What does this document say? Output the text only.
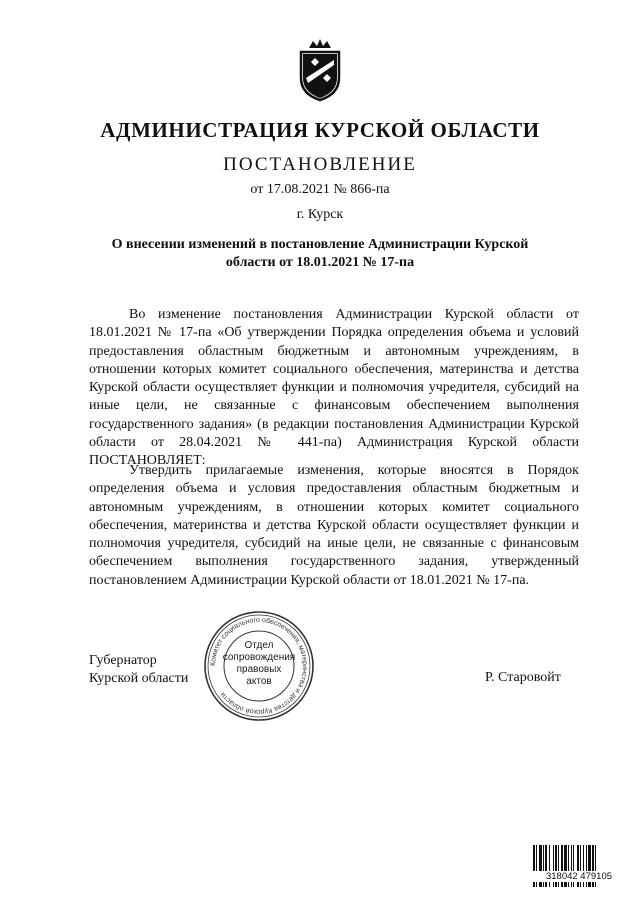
АДМИНИСТРАЦИЯ КУРСКОЙ ОБЛАСТИ
ПОСТАНОВЛЕНИЕ
от 17.08.2021 № 866-па
г. Курск
О внесении изменений в постановление Администрации Курской
области от 18.01.2021 № 17-па
Во изменение постановления Администрации Курской области от 18.01.2021 № 17-па «Об утверждении Порядка определения объема и условий предоставления областным бюджетным и автономным учреждениям, в отношении которых комитет социального обеспечения, материнства и детства Курской области осуществляет функции и полномочия учредителя, субсидий на иные цели, не связанные с финансовым обеспечением выполнения государственного задания» (в редакции постановления Администрации Курской области от 28.04.2021 № 441-па) Администрация Курской области ПОСТАНОВЛЯЕТ:
Утвердить прилагаемые изменения, которые вносятся в Порядок определения объема и условия предоставления областным бюджетным и автономным учреждениям, в отношении которых комитет социального обеспечения, материнства и детства Курской области осуществляет функции и полномочия учредителя, субсидий на иные цели, не связанные с финансовым обеспечением выполнения государственного задания, утвержденный постановлением Администрации Курской области от 18.01.2021 № 17-па.
Губернатор
Курской области
Комитет социального обеспечения, материнства и детства Курской области
Отдел
сопровождения
правовых
актов	Р. Старовойт
318042 479105
